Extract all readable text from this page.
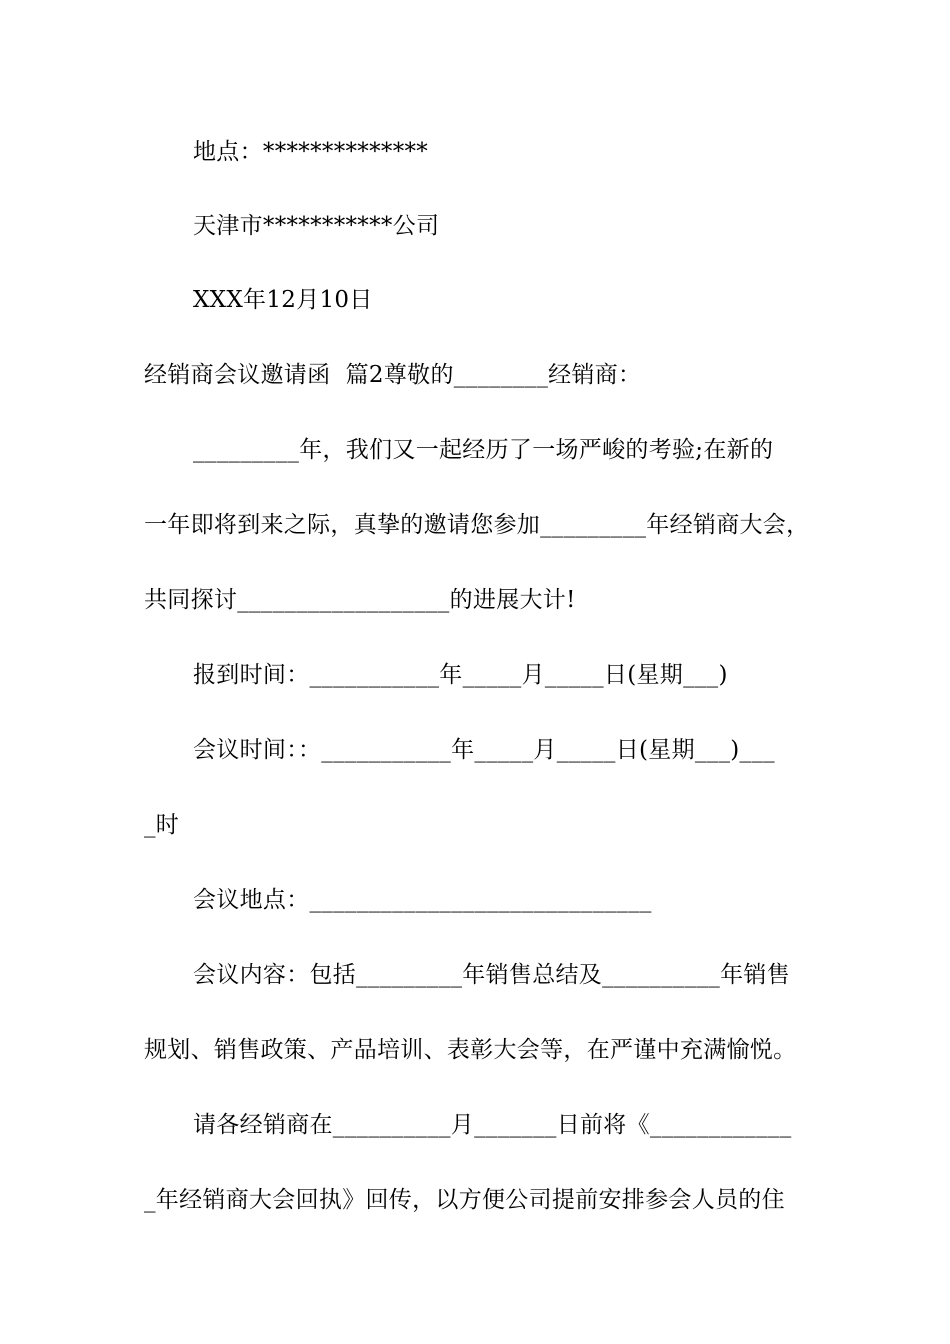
地点：**************
天津市***********公司
XXX年12月10日
经销商会议邀请函  篇2尊敬的________经销商：
_________年，我们又一起经历了一场严峻的考验;在新的
一年即将到来之际，真挚的邀请您参加_________年经销商大会，
共同探讨__________________的进展大计!
报到时间：___________年_____月_____日(星期___)
会议时间：：___________年_____月_____日(星期___)___
_时
会议地点：_____________________________
会议内容：包括_________年销售总结及__________年销售
规划、销售政策、产品培训、表彰大会等，在严谨中充满愉悦。
请各经销商在__________月_______日前将《____________
_年经销商大会回执》回传，以方便公司提前安排参会人员的住
